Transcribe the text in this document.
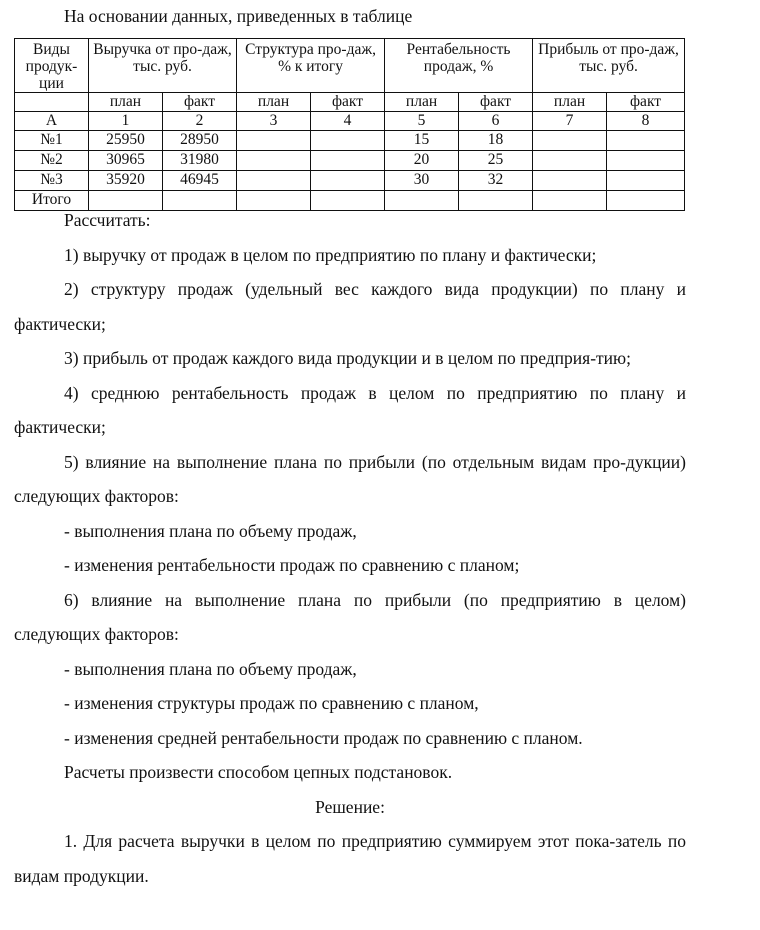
На основании данных, приведенных в таблице
Виды продук-ции	Выручка от про-даж, тыс. руб.		Структура про-даж, % к итогу		Рентабельность продаж, %		Прибыль от про-даж, тыс. руб.	
	план	факт	план	факт	план	факт	план	факт
А	1	2	3	4	5	6	7	8
№1	25950	28950			15	18		
№2	30965	31980			20	25		
№3	35920	46945			30	32		
Итого								

Рассчитать:

1) выручку от продаж в целом по предприятию по плану и фактически;

2) структуру продаж (удельный вес каждого вида продукции) по плану и фактически;

3) прибыль от продаж каждого вида продукции и в целом по предприя-тию;

4) среднюю рентабельность продаж в целом по предприятию по плану и фактически;

5) влияние на выполнение плана по прибыли (по отдельным видам про-дукции) следующих факторов:

- выполнения плана по объему продаж,

- изменения рентабельности продаж по сравнению с планом;

6) влияние на выполнение плана по прибыли (по предприятию в целом) следующих факторов:

- выполнения плана по объему продаж,

- изменения структуры продаж по сравнению с планом,

- изменения средней рентабельности продаж по сравнению с планом.

Расчеты произвести способом цепных подстановок.

Решение:

1. Для расчета выручки в целом по предприятию суммируем этот пока-затель по видам продукции.
